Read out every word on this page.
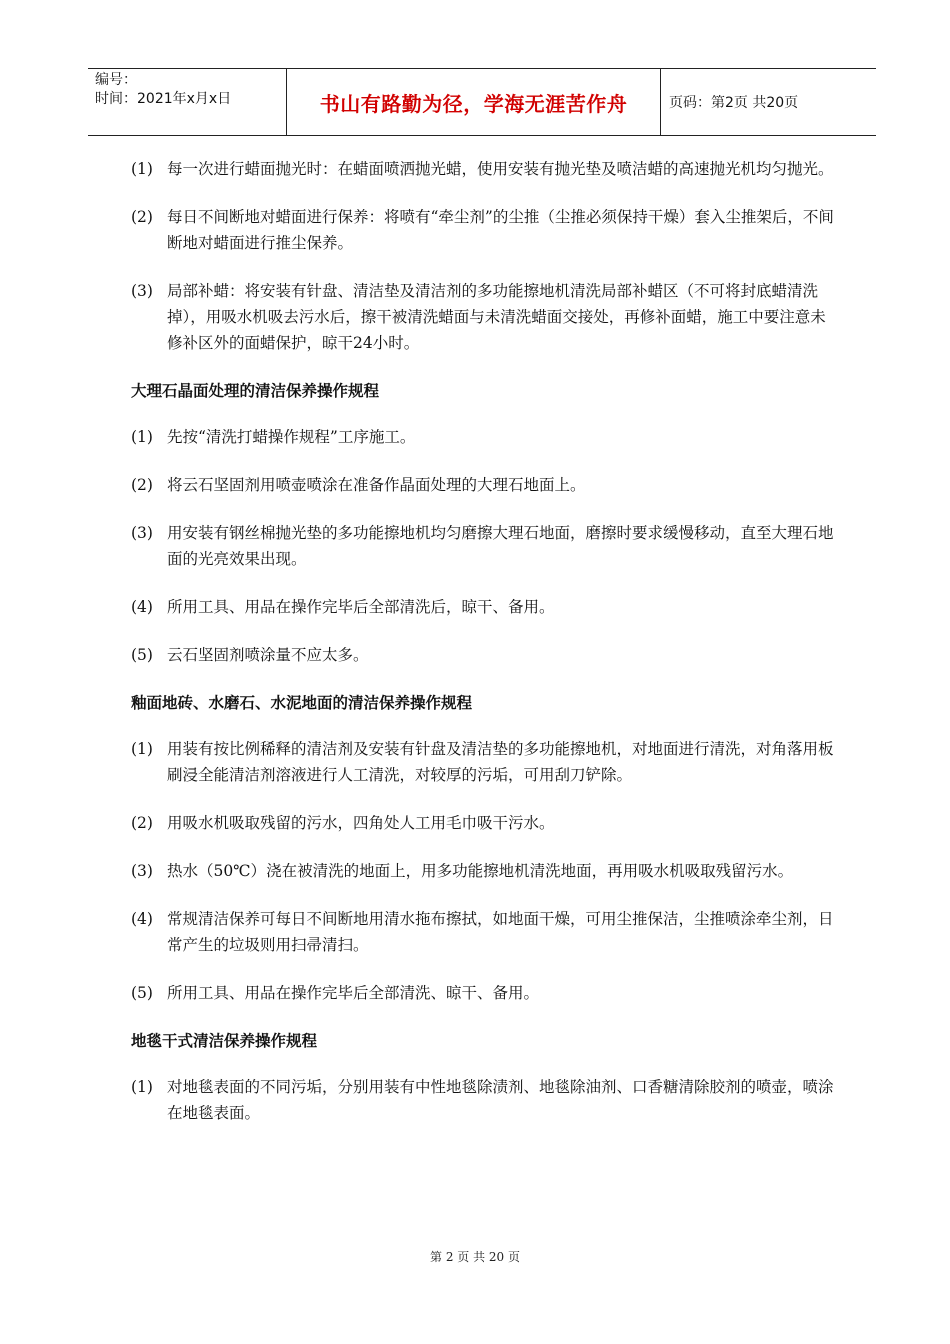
编号：
时间：2021年x月x日	书山有路勤为径，学海无涯苦作舟	页码：第2页 共20页
(1) 每一次进行蜡面抛光时：在蜡面喷洒抛光蜡，使用安装有抛光垫及喷洁蜡的高速抛光机均匀抛光。
(2) 每日不间断地对蜡面进行保养：将喷有“牵尘剂”的尘推（尘推必须保持干燥）套入尘推架后，不间断地对蜡面进行推尘保养。
(3) 局部补蜡：将安装有针盘、清洁垫及清洁剂的多功能擦地机清洗局部补蜡区（不可将封底蜡清洗掉），用吸水机吸去污水后，擦干被清洗蜡面与未清洗蜡面交接处，再修补面蜡，施工中要注意未修补区外的面蜡保护，晾干24小时。
大理石晶面处理的清洁保养操作规程
(1) 先按“清洗打蜡操作规程”工序施工。
(2) 将云石坚固剂用喷壶喷涂在准备作晶面处理的大理石地面上。
(3) 用安装有钢丝棉抛光垫的多功能擦地机均匀磨擦大理石地面，磨擦时要求缓慢移动，直至大理石地面的光亮效果出现。
(4) 所用工具、用品在操作完毕后全部清洗后，晾干、备用。
(5) 云石坚固剂喷涂量不应太多。
釉面地砖、水磨石、水泥地面的清洁保养操作规程
(1) 用装有按比例稀释的清洁剂及安装有针盘及清洁垫的多功能擦地机，对地面进行清洗，对角落用板刷浸全能清洁剂溶液进行人工清洗，对较厚的污垢，可用刮刀铲除。
(2) 用吸水机吸取残留的污水，四角处人工用毛巾吸干污水。
(3) 热水（50℃）浇在被清洗的地面上，用多功能擦地机清洗地面，再用吸水机吸取残留污水。
(4) 常规清洁保养可每日不间断地用清水拖布擦拭，如地面干燥，可用尘推保洁，尘推喷涂牵尘剂，日常产生的垃圾则用扫帚清扫。
(5) 所用工具、用品在操作完毕后全部清洗、晾干、备用。
地毯干式清洁保养操作规程
(1) 对地毯表面的不同污垢，分别用装有中性地毯除渍剂、地毯除油剂、口香糖清除胶剂的喷壶，喷涂在地毯表面。
第 2 页 共 20 页
